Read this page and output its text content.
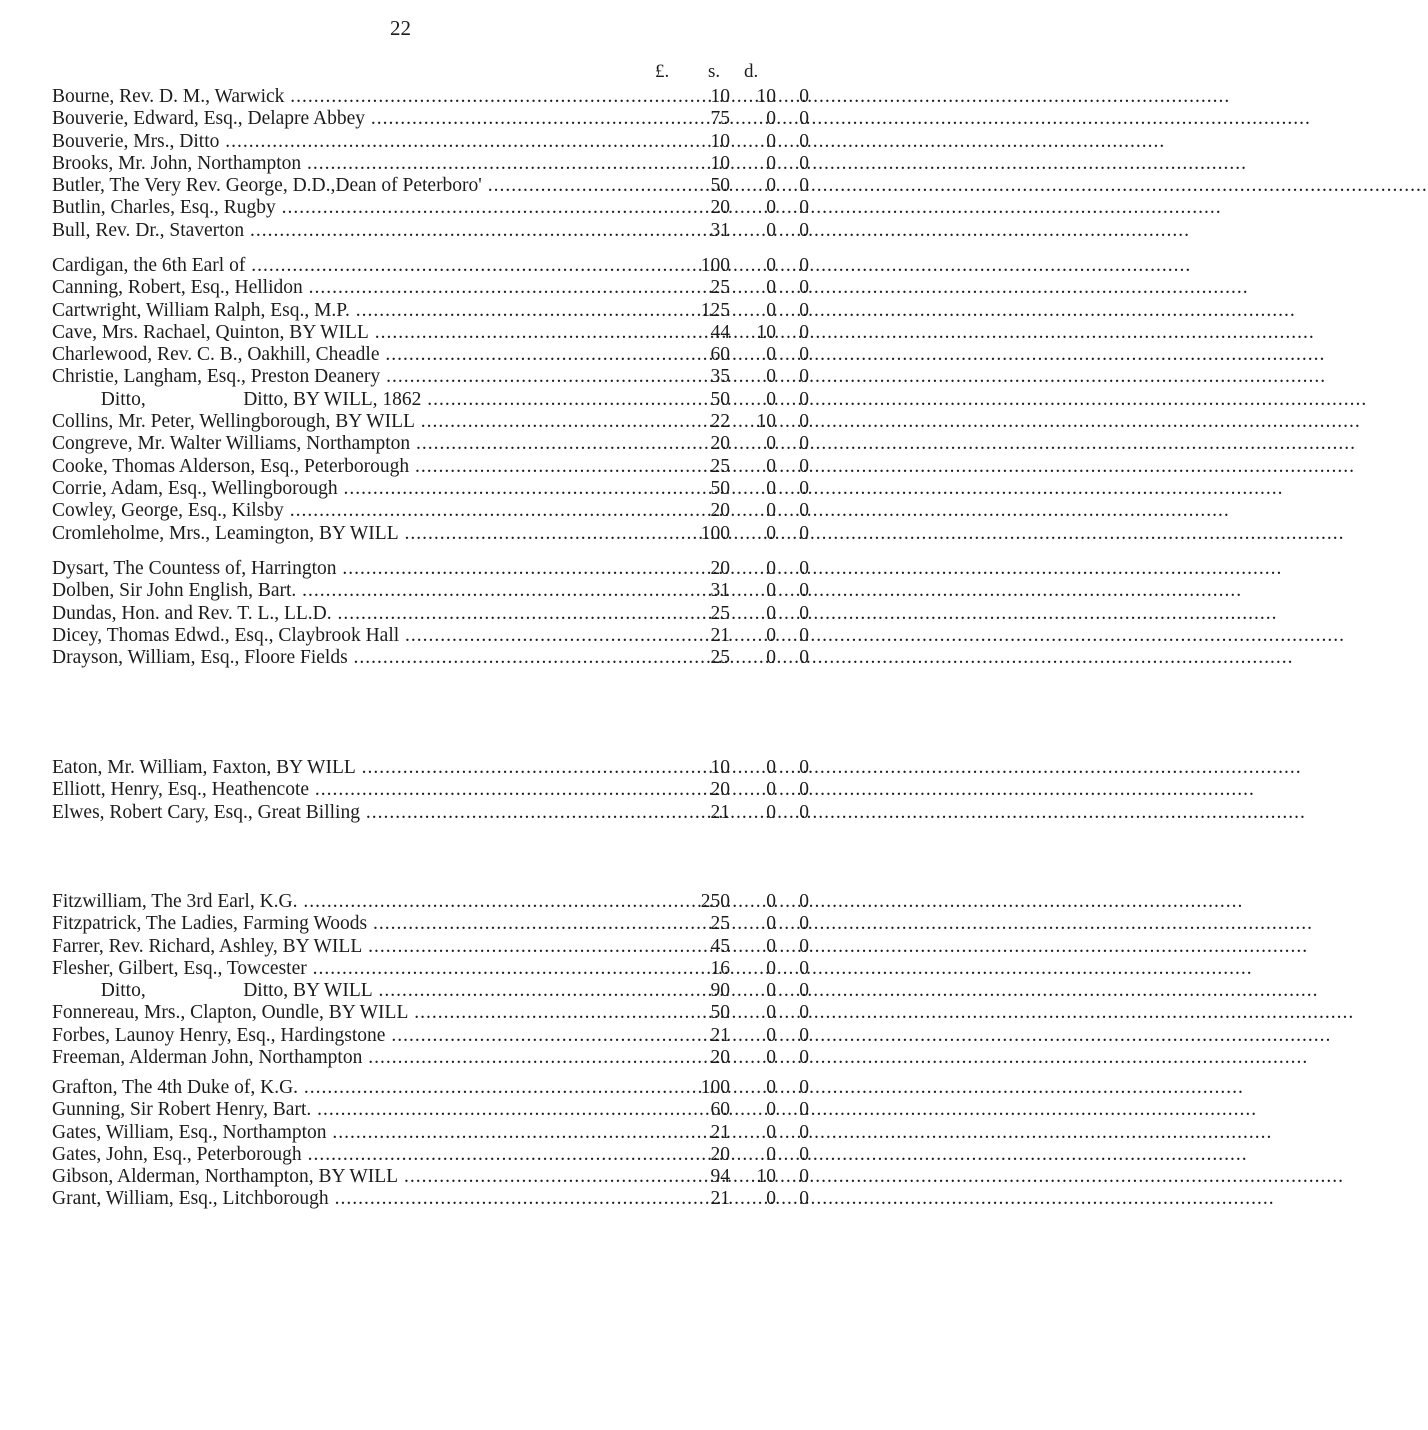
22
£. s. d.
Bourne, Rev. D. M., Warwick .....	10	10	0
Bouverie, Edward, Esq., Delapre Abbey .....	75	0	0
Bouverie, Mrs., Ditto .....	10	0	0
Brooks, Mr. John, Northampton .....	10	0	0
Butler, The Very Rev. George, D.D.,Dean of Peterboro' .....	50	0	0
Butlin, Charles, Esq., Rugby .....	20	0	0
Bull, Rev. Dr., Staverton .....	31	0	0
Cardigan, the 6th Earl of .....	100	0	0
Canning, Robert, Esq., Hellidon .....	25	0	0
Cartwright, William Ralph, Esq., M.P. .....	125	0	0
Cave, Mrs. Rachael, Quinton, BY WILL .....	44	10	0
Charlewood, Rev. C. B., Oakhill, Cheadle .....	60	0	0
Christie, Langham, Esq., Preston Deanery .....	35	0	0
Ditto,                    Ditto, BY WILL, 1862 .....	50	0	0
Collins, Mr. Peter, Wellingborough, BY WILL .....	22	10	0
Congreve, Mr. Walter Williams, Northampton .....	20	0	0
Cooke, Thomas Alderson, Esq., Peterborough .....	25	0	0
Corrie, Adam, Esq., Wellingborough .....	50	0	0
Cowley, George, Esq., Kilsby .....	20	0	0
Cromleholme, Mrs., Leamington, BY WILL .....	100	0	0
Dysart, The Countess of, Harrington .....	20	0	0
Dolben, Sir John English, Bart. .....	31	0	0
Dundas, Hon. and Rev. T. L., LL.D. .....	25	0	0
Dicey, Thomas Edwd., Esq., Claybrook Hall .....	21	0	0
Drayson, William, Esq., Floore Fields .....	25	0	0
Eaton, Mr. William, Faxton, BY WILL .....	10	0	0
Elliott, Henry, Esq., Heathencote .....	20	0	0
Elwes, Robert Cary, Esq., Great Billing .....	21	0	0
Fitzwilliam, The 3rd Earl, K.G. .....	250	0	0
Fitzpatrick, The Ladies, Farming Woods .....	25	0	0
Farrer, Rev. Richard, Ashley, BY WILL .....	45	0	0
Flesher, Gilbert, Esq., Towcester .....	16	0	0
Ditto,                    Ditto, BY WILL .....	90	0	0
Fonnereau, Mrs., Clapton, Oundle, BY WILL .....	50	0	0
Forbes, Launoy Henry, Esq., Hardingstone .....	21	0	0
Freeman, Alderman John, Northampton .....	20	0	0
Grafton, The 4th Duke of, K.G. .....	100	0	0
Gunning, Sir Robert Henry, Bart. .....	60	0	0
Gates, William, Esq., Northampton .....	21	0	0
Gates, John, Esq., Peterborough .....	20	0	0
Gibson, Alderman, Northampton, BY WILL .....	94	10	0
Grant, William, Esq., Litchborough .....	21	0	0
